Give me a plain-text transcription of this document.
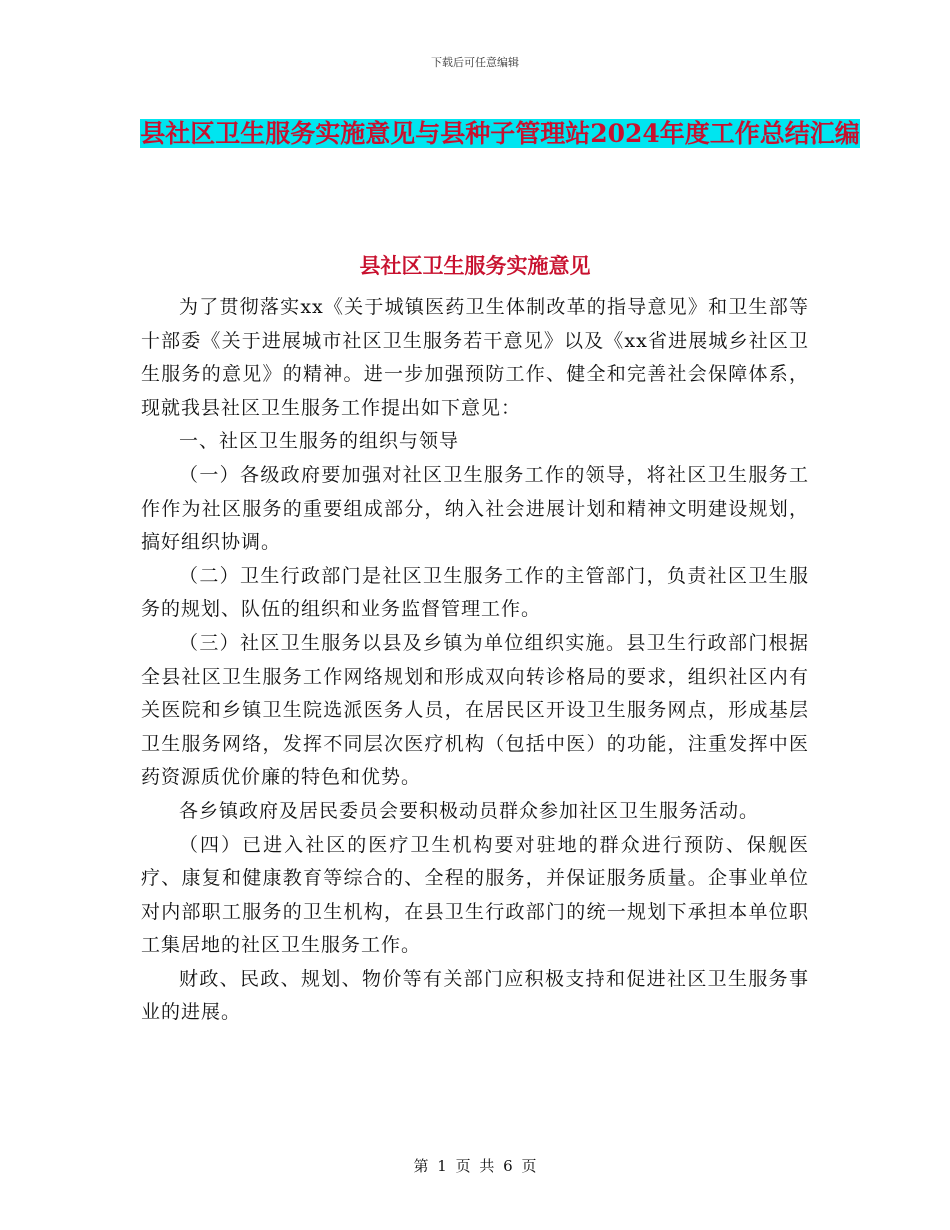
下载后可任意编辑
县社区卫生服务实施意见与县种子管理站2024年度工作总结汇编
县社区卫生服务实施意见

为了贯彻落实xx《关于城镇医药卫生体制改革的指导意见》和卫生部等十部委《关于进展城市社区卫生服务若干意见》以及《xx省进展城乡社区卫生服务的意见》的精神。进一步加强预防工作、健全和完善社会保障体系，现就我县社区卫生服务工作提出如下意见：

一、社区卫生服务的组织与领导

（一）各级政府要加强对社区卫生服务工作的领导，将社区卫生服务工作作为社区服务的重要组成部分，纳入社会进展计划和精神文明建设规划，搞好组织协调。

（二）卫生行政部门是社区卫生服务工作的主管部门，负责社区卫生服务的规划、队伍的组织和业务监督管理工作。

（三）社区卫生服务以县及乡镇为单位组织实施。县卫生行政部门根据全县社区卫生服务工作网络规划和形成双向转诊格局的要求，组织社区内有关医院和乡镇卫生院选派医务人员，在居民区开设卫生服务网点，形成基层卫生服务网络，发挥不同层次医疗机构（包括中医）的功能，注重发挥中医药资源质优价廉的特色和优势。

各乡镇政府及居民委员会要积极动员群众参加社区卫生服务活动。

（四）已进入社区的医疗卫生机构要对驻地的群众进行预防、保舰医疗、康复和健康教育等综合的、全程的服务，并保证服务质量。企事业单位对内部职工服务的卫生机构，在县卫生行政部门的统一规划下承担本单位职工集居地的社区卫生服务工作。

财政、民政、规划、物价等有关部门应积极支持和促进社区卫生服务事业的进展。

第 1 页 共 6 页
